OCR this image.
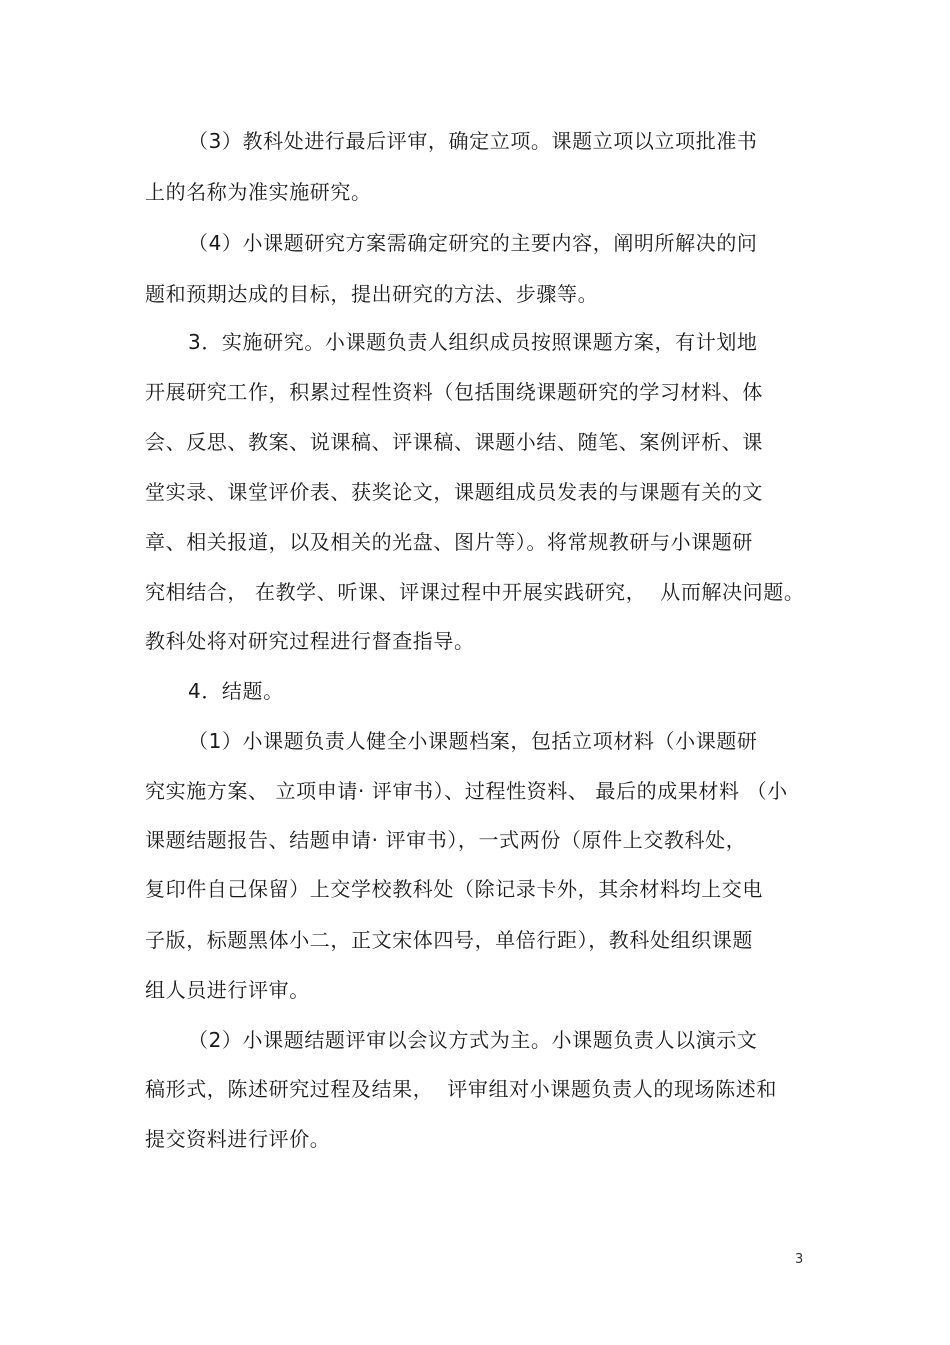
（3）教科处进行最后评审，确定立项。课题立项以立项批准书
上的名称为准实施研究。
（4）小课题研究方案需确定研究的主要内容，阐明所解决的问
题和预期达成的目标，提出研究的方法、步骤等。
3．实施研究。小课题负责人组织成员按照课题方案，有计划地
开展研究工作，积累过程性资料（包括围绕课题研究的学习材料、体
会、反思、教案、说课稿、评课稿、课题小结、随笔、案例评析、课
堂实录、课堂评价表、获奖论文，课题组成员发表的与课题有关的文
章、相关报道，以及相关的光盘、图片等）。将常规教研与小课题研
究相结合， 在教学、听课、评课过程中开展实践研究，  从而解决问题。
教科处将对研究过程进行督查指导。
4．结题。
（1）小课题负责人健全小课题档案，包括立项材料（小课题研
究实施方案、 立项申请· 评审书）、过程性资料、 最后的成果材料 （小
课题结题报告、结题申请· 评审书），一式两份（原件上交教科处，
复印件自己保留）上交学校教科处（除记录卡外，其余材料均上交电
子版，标题黑体小二，正文宋体四号，单倍行距），教科处组织课题
组人员进行评审。
（2）小课题结题评审以会议方式为主。小课题负责人以演示文
稿形式，陈述研究过程及结果，  评审组对小课题负责人的现场陈述和
提交资料进行评价。
3
